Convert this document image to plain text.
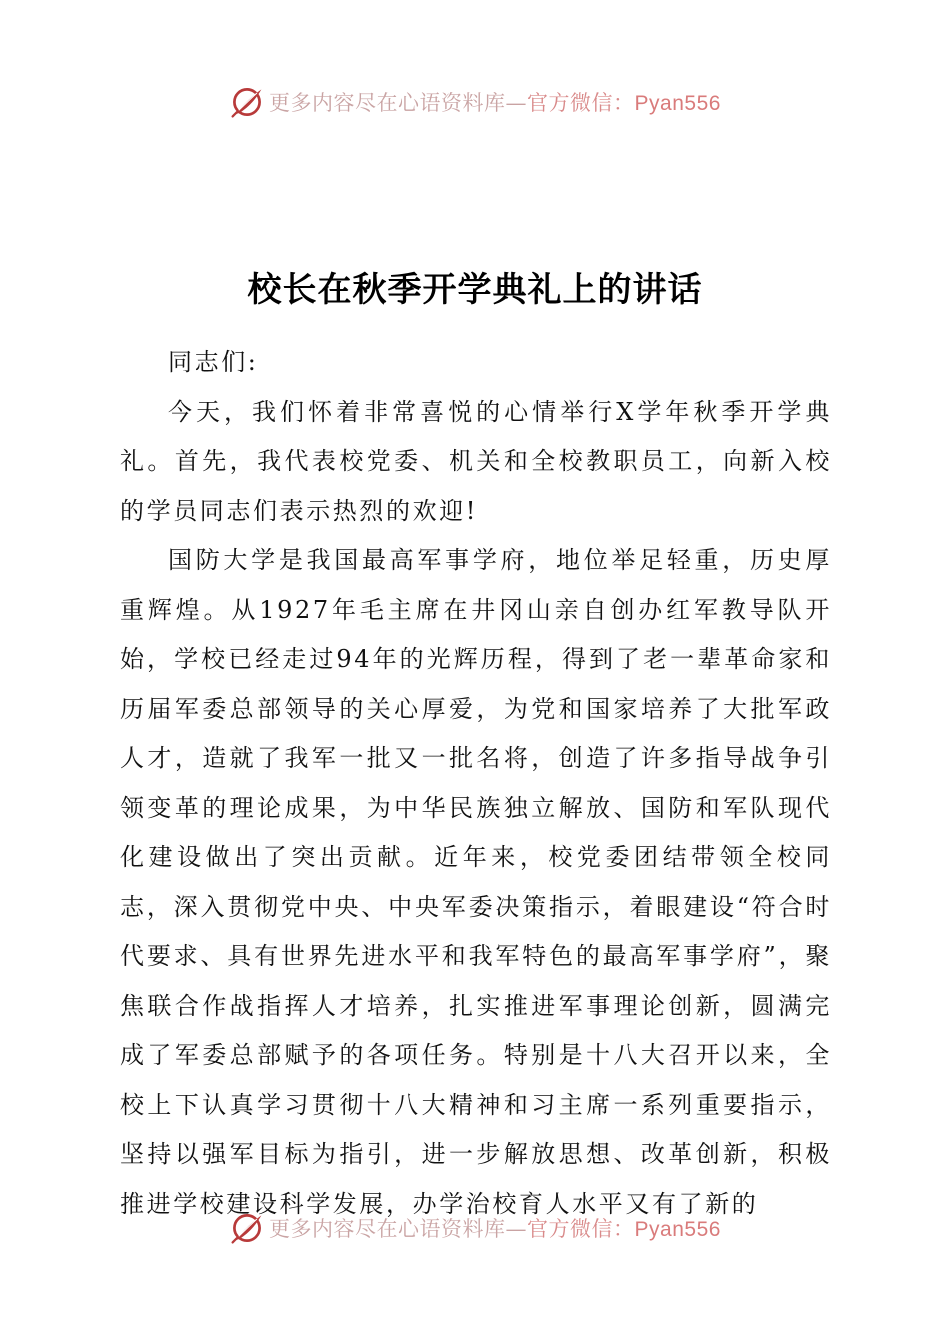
更多内容尽在心语资料库—官方微信：Pyan556
校长在秋季开学典礼上的讲话

同志们:

今天，我们怀着非常喜悦的心情举行X学年秋季开学典礼。首先，我代表校党委、机关和全校教职员工，向新入校的学员同志们表示热烈的欢迎!

国防大学是我国最高军事学府，地位举足轻重，历史厚重辉煌。从1927年毛主席在井冈山亲自创办红军教导队开始，学校已经走过94年的光辉历程，得到了老一辈革命家和历届军委总部领导的关心厚爱，为党和国家培养了大批军政人才，造就了我军一批又一批名将，创造了许多指导战争引领变革的理论成果，为中华民族独立解放、国防和军队现代化建设做出了突出贡献。近年来，校党委团结带领全校同志，深入贯彻党中央、中央军委决策指示，着眼建设“符合时代要求、具有世界先进水平和我军特色的最高军事学府”，聚焦联合作战指挥人才培养，扎实推进军事理论创新，圆满完成了军委总部赋予的各项任务。特别是十八大召开以来，全校上下认真学习贯彻十八大精神和习主席一系列重要指示，坚持以强军目标为指引，进一步解放思想、改革创新，积极推进学校建设科学发展，办学治校育人水平又有了新的

更多内容尽在心语资料库—官方微信：Pyan556
